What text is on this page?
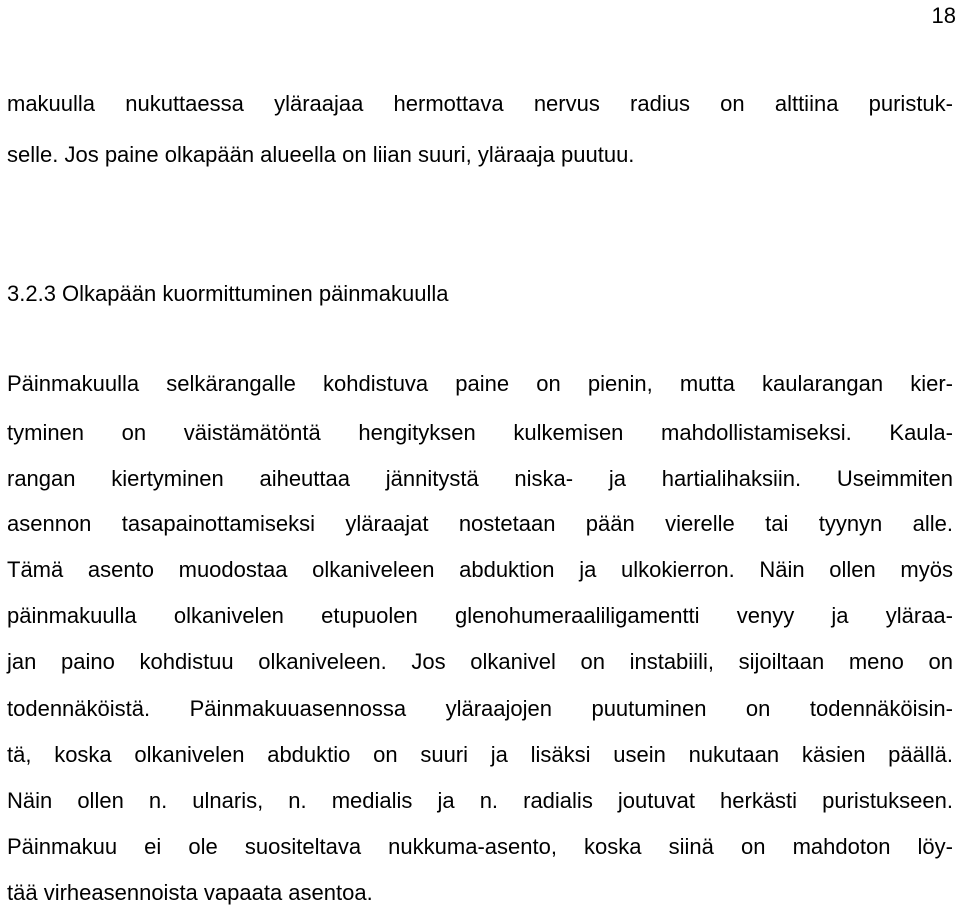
18
makuulla nukuttaessa yläraajaa hermottava nervus radius on alttiina puristuk-
selle. Jos paine olkapään alueella on liian suuri, yläraaja puutuu.
3.2.3 Olkapään kuormittuminen päinmakuulla
Päinmakuulla selkärangalle kohdistuva paine on pienin, mutta kaularangan kier-
tyminen on väistämätöntä hengityksen kulkemisen mahdollistamiseksi. Kaula-
rangan kiertyminen aiheuttaa jännitystä niska- ja hartialihaksiin. Useimmiten
asennon tasapainottamiseksi yläraajat nostetaan pään vierelle tai tyynyn alle.
Tämä asento muodostaa olkaniveleen abduktion ja ulkokierron. Näin ollen myös
päinmakuulla olkanivelen etupuolen glenohumeraaliligamentti venyy ja yläraa-
jan paino kohdistuu olkaniveleen. Jos olkanivel on instabiili, sijoiltaan meno on
todennäköistä. Päinmakuuasennossa yläraajojen puutuminen on todennäköisin-
tä, koska olkanivelen abduktio on suuri ja lisäksi usein nukutaan käsien päällä.
Näin ollen n. ulnaris, n. medialis ja n. radialis joutuvat herkästi puristukseen.
Päinmakuu ei ole suositeltava nukkuma-asento, koska siinä on mahdoton löy-
tää virheasennoista vapaata asentoa.
